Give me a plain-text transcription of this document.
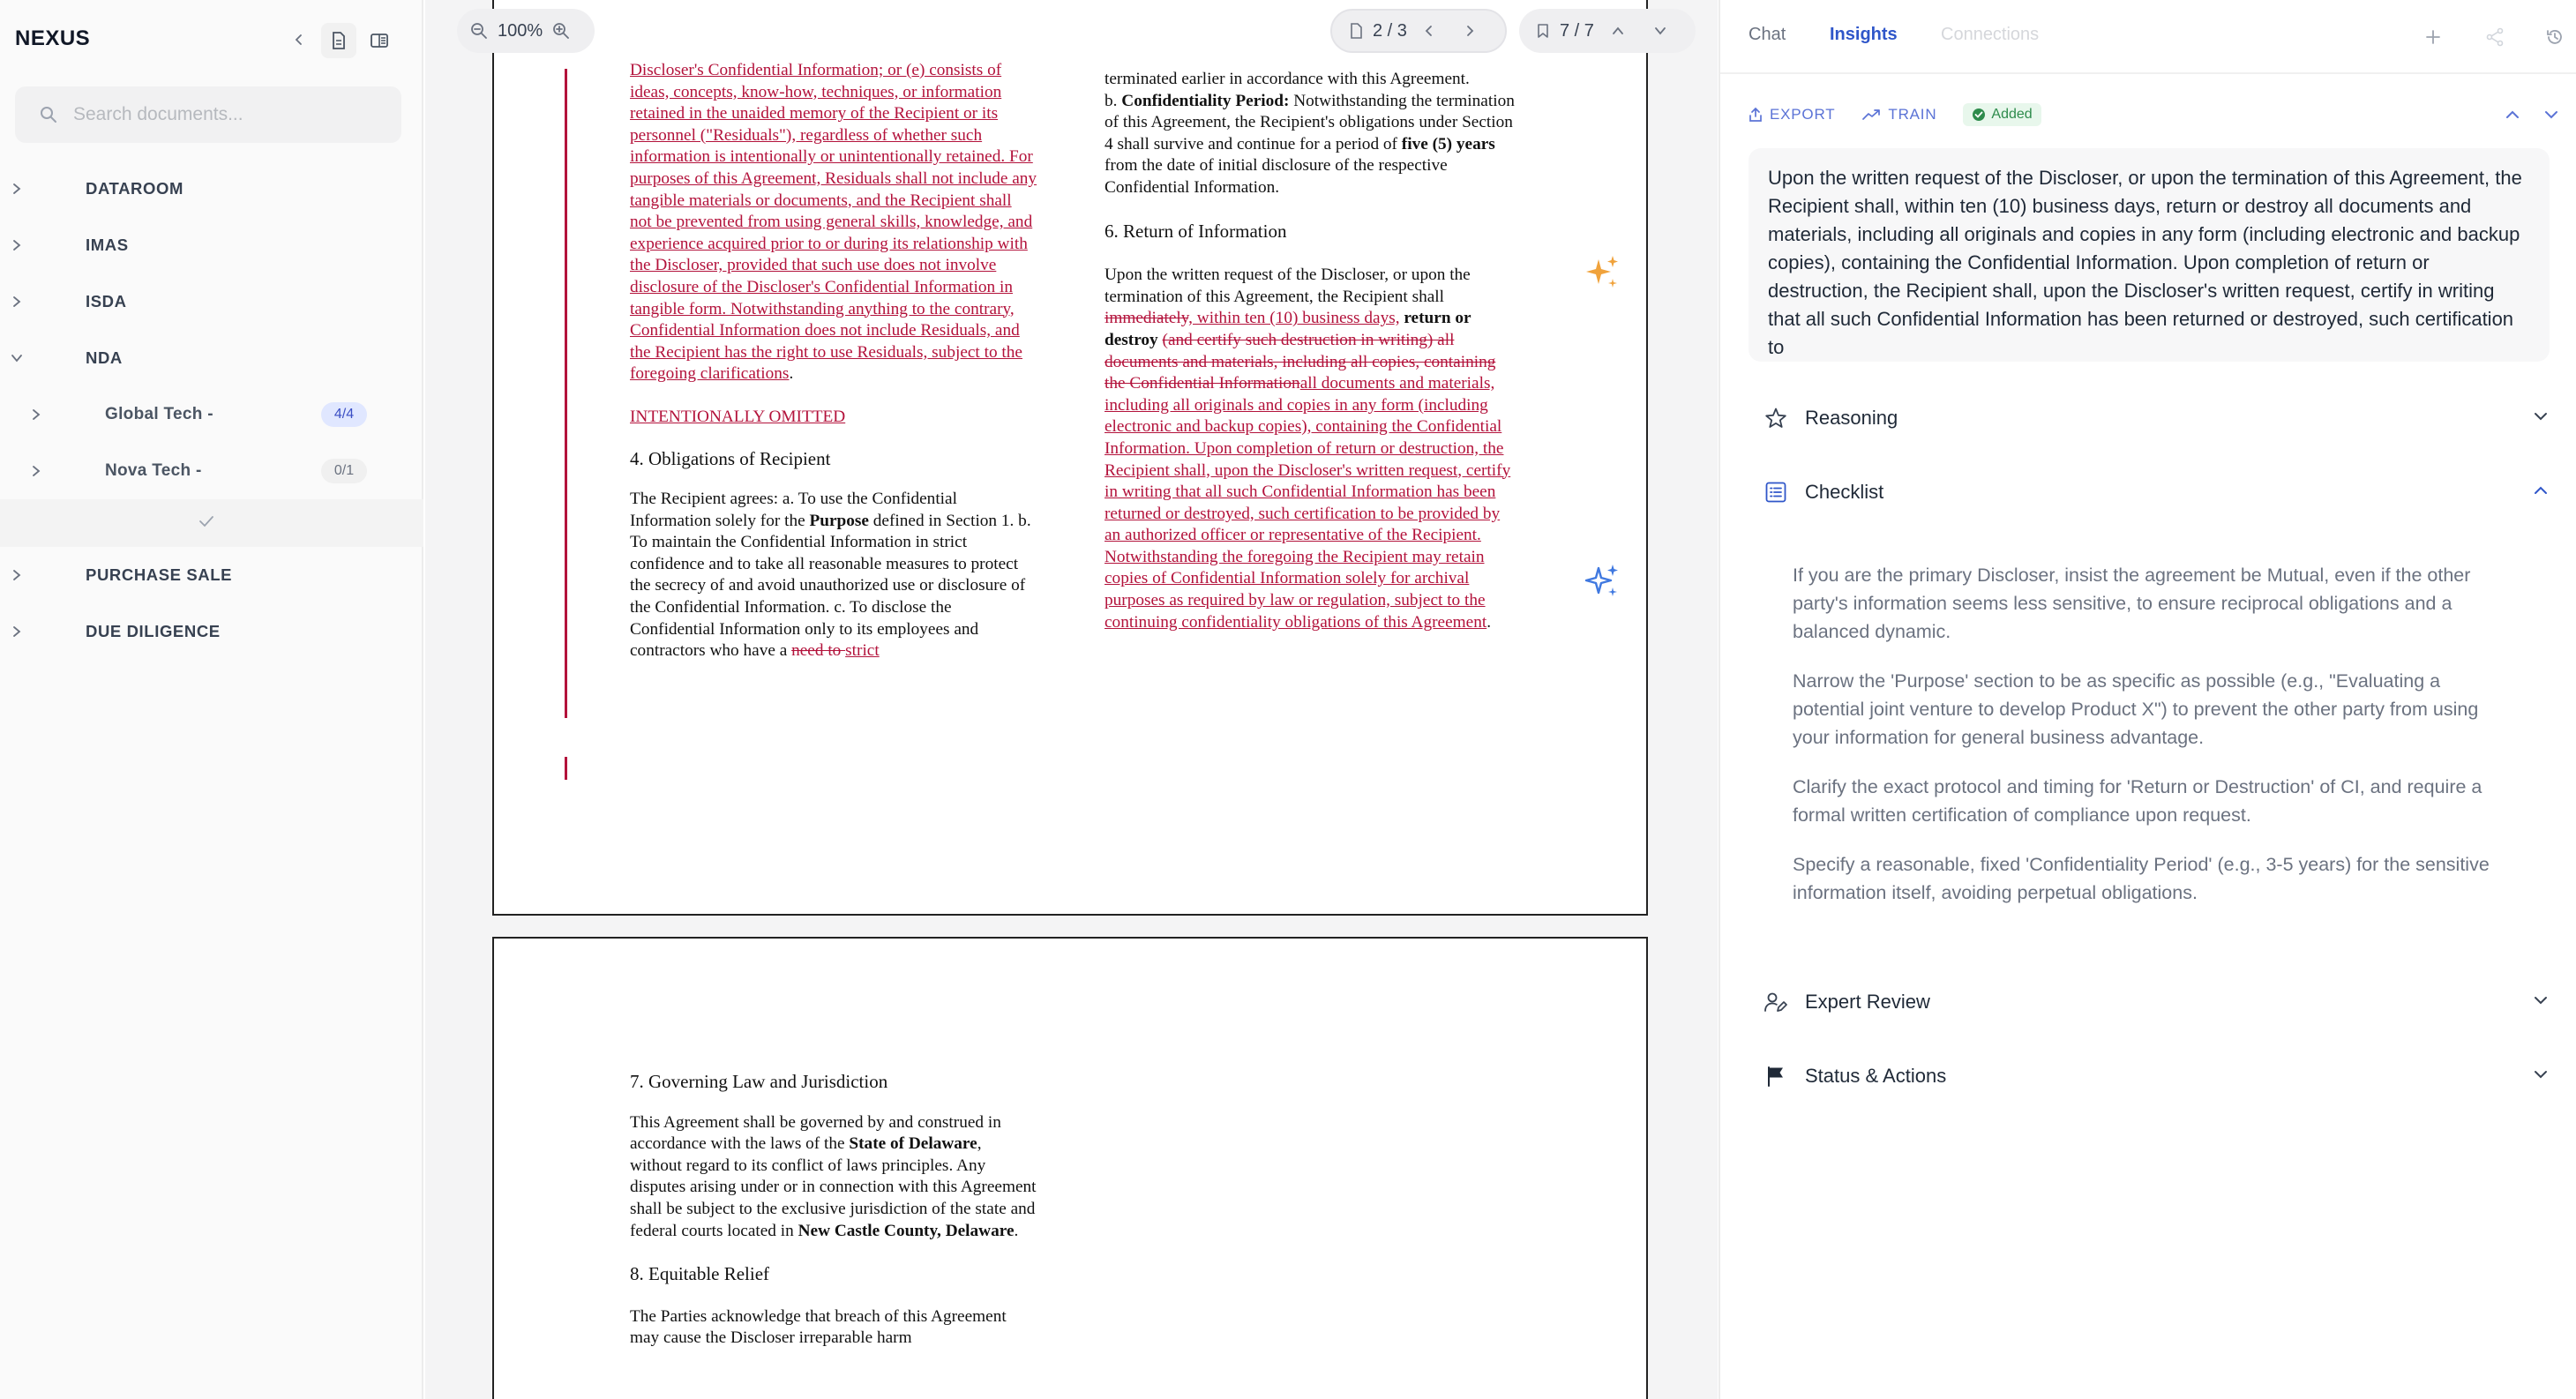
NEXUS
Search documents...
DATAROOM
IMAS
ISDA
NDA
Global Tech -	4/4
Nova Tech -	0/1
PURCHASE SALE
DUE DILIGENCE

Discloser's Confidential Information; or (e) consists of ideas, concepts, know-how, techniques, or information retained in the unaided memory of the Recipient or its personnel ("Residuals"), regardless of whether such information is intentionally or unintentionally retained. For purposes of this Agreement, Residuals shall not include any tangible materials or documents, and the Recipient shall not be prevented from using general skills, knowledge, and experience acquired prior to or during its relationship with the Discloser, provided that such use does not involve disclosure of the Discloser's Confidential Information in tangible form. Notwithstanding anything to the contrary, Confidential Information does not include Residuals, and the Recipient has the right to use Residuals, subject to the foregoing clarifications.

INTENTIONALLY OMITTED

4. Obligations of Recipient

The Recipient agrees: a. To use the Confidential Information solely for the Purpose defined in Section 1. b. To maintain the Confidential Information in strict confidence and to take all reasonable measures to protect the secrecy of and avoid unauthorized use or disclosure of the Confidential Information. c. To disclose the Confidential Information only to its employees and contractors who have a need to strict

terminated earlier in accordance with this Agreement.

b. Confidentiality Period: Notwithstanding the termination of this Agreement, the Recipient's obligations under Section 4 shall survive and continue for a period of five (5) years from the date of initial disclosure of the respective Confidential Information.

6. Return of Information

Upon the written request of the Discloser, or upon the termination of this Agreement, the Recipient shall immediately, within ten (10) business days, return or destroy (and certify such destruction in writing) all documents and materials, including all copies, containing the Confidential Informationall documents and materials, including all originals and copies in any form (including electronic and backup copies), containing the Confidential Information. Upon completion of return or destruction, the Recipient shall, upon the Discloser's written request, certify in writing that all such Confidential Information has been returned or destroyed, such certification to be provided by an authorized officer or representative of the Recipient. Notwithstanding the foregoing the Recipient may retain copies of Confidential Information solely for archival purposes as required by law or regulation, subject to the continuing confidentiality obligations of this Agreement.

7. Governing Law and Jurisdiction

This Agreement shall be governed by and construed in accordance with the laws of the State of Delaware, without regard to its conflict of laws principles. Any disputes arising under or in connection with this Agreement shall be subject to the exclusive jurisdiction of the state and federal courts located in New Castle County, Delaware.

8. Equitable Relief

The Parties acknowledge that breach of this Agreement may cause the Discloser irreparable harm

100%	2 / 3	7 / 7	Chat Insights Connections
EXPORT	TRAIN	Added
Upon the written request of the Discloser, or upon the termination of this Agreement, the Recipient shall, within ten (10) business days, return or destroy all documents and materials, including all originals and copies in any form (including electronic and backup copies), containing the Confidential Information. Upon completion of return or destruction, the Recipient shall, upon the Discloser's written request, certify in writing that all such Confidential Information has been returned or destroyed, such certification to
Reasoning
Checklist

If you are the primary Discloser, insist the agreement be Mutual, even if the other party's information seems less sensitive, to ensure reciprocal obligations and a balanced dynamic.

Narrow the 'Purpose' section to be as specific as possible (e.g., "Evaluating a potential joint venture to develop Product X") to prevent the other party from using your information for general business advantage.

Clarify the exact protocol and timing for 'Return or Destruction' of CI, and require a formal written certification of compliance upon request.

Specify a reasonable, fixed 'Confidentiality Period' (e.g., 3-5 years) for the sensitive information itself, avoiding perpetual obligations.

Expert Review
Status & Actions
